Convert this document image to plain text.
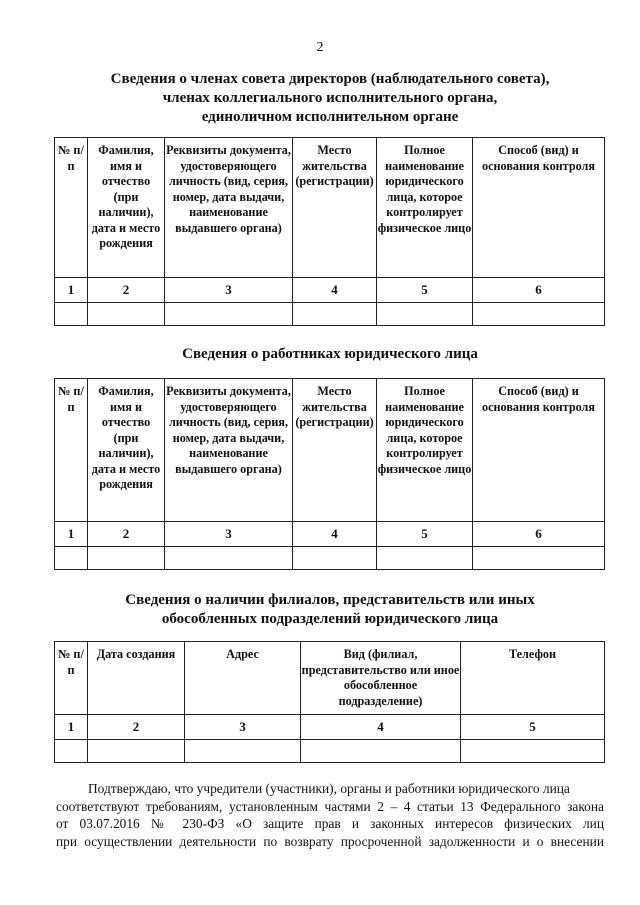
2
Сведения о членах совета директоров (наблюдательного совета),
членах коллегиального исполнительного органа,
единоличном исполнительном органе
№ п/п	Фамилия, имя и отчество (при наличии), дата и место рождения	Реквизиты документа, удостоверяющего личность (вид, серия, номер, дата выдачи, наименование выдавшего органа)	Место жительства (регистрации)	Полное наименование юридического лица, которое контролирует физическое лицо	Способ (вид) и основания контроля
1	2	3	4	5	6

Сведения о работниках юридического лица
№ п/п	Фамилия, имя и отчество (при наличии), дата и место рождения	Реквизиты документа, удостоверяющего личность (вид, серия, номер, дата выдачи, наименование выдавшего органа)	Место жительства (регистрации)	Полное наименование юридического лица, которое контролирует физическое лицо	Способ (вид) и основания контроля
1	2	3	4	5	6

Сведения о наличии филиалов, представительств или иных
обособленных подразделений юридического лица
№ п/п	Дата создания	Адрес	Вид (филиал, представительство или иное обособленное подразделение)	Телефон
1	2	3	4	5

Подтверждаю, что учредители (участники), органы и работники юридического лица
соответствуют требованиям, установленным частями 2 – 4 статьи 13 Федерального закона
от 03.07.2016 № 230-ФЗ «О защите прав и законных интересов физических лиц
при осуществлении деятельности по возврату просроченной задолженности и о внесении
